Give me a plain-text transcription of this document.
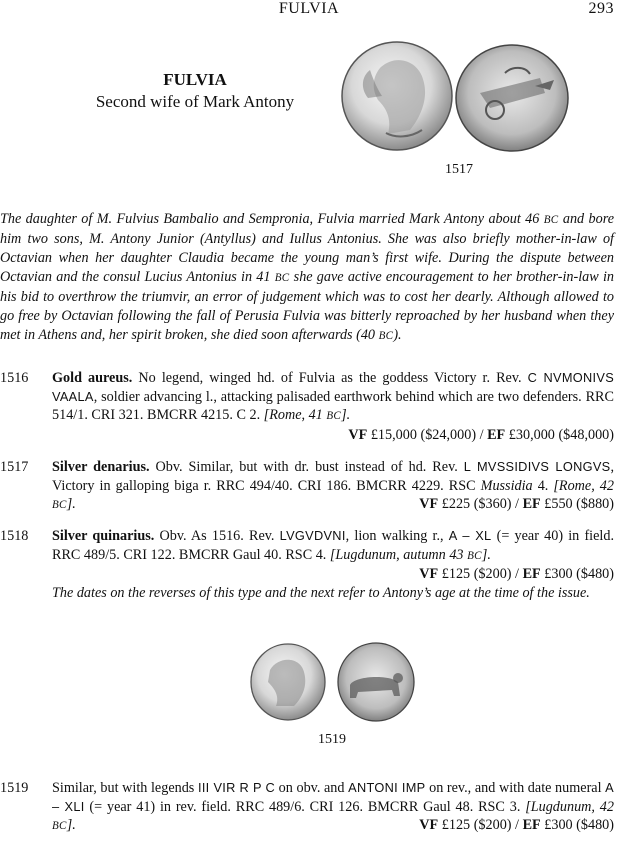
FULVIA	293
FULVIA
Second wife of Mark Antony
1517
The daughter of M. Fulvius Bambalio and Sempronia, Fulvia married Mark Antony about 46 BC and bore him two sons, M. Antony Junior (Antyllus) and Iullus Antonius. She was also briefly mother-in-law of Octavian when her daughter Claudia became the young man’s first wife. During the dispute between Octavian and the consul Lucius Antonius in 41 BC she gave active encouragement to her brother-in-law in his bid to overthrow the triumvir, an error of judgement which was to cost her dearly. Although allowed to go free by Octavian following the fall of Perusia Fulvia was bitterly reproached by her husband when they met in Athens and, her spirit broken, she died soon afterwards (40 BC).
1516 Gold aureus. No legend, winged hd. of Fulvia as the goddess Victory r. Rev. C NVMONIVS VAALA, soldier advancing l., attacking palisaded earthwork behind which are two defenders. RRC 514/1. CRI 321. BMCRR 4215. C 2. [Rome, 41 BC].
VF £15,000 ($24,000) / EF £30,000 ($48,000)
1517 Silver denarius. Obv. Similar, but with dr. bust instead of hd. Rev. L MVSSIDIVS LONGVS, Victory in galloping biga r. RRC 494/40. CRI 186. BMCRR 4229. RSC Mussidia 4. [Rome, 42 BC].	VF £225 ($360) / EF £550 ($880)
1518 Silver quinarius. Obv. As 1516. Rev. LVGVDVNI, lion walking r., A – XL (= year 40) in field. RRC 489/5. CRI 122. BMCRR Gaul 40. RSC 4. [Lugdunum, autumn 43 BC].
VF £125 ($200) / EF £300 ($480)
The dates on the reverses of this type and the next refer to Antony’s age at the time of the issue.
1519
1519 Similar, but with legends III VIR R P C on obv. and ANTONI IMP on rev., and with date numeral A – XLI (= year 41) in rev. field. RRC 489/6. CRI 126. BMCRR Gaul 48. RSC 3. [Lugdunum, 42 BC].	VF £125 ($200) / EF £300 ($480)
